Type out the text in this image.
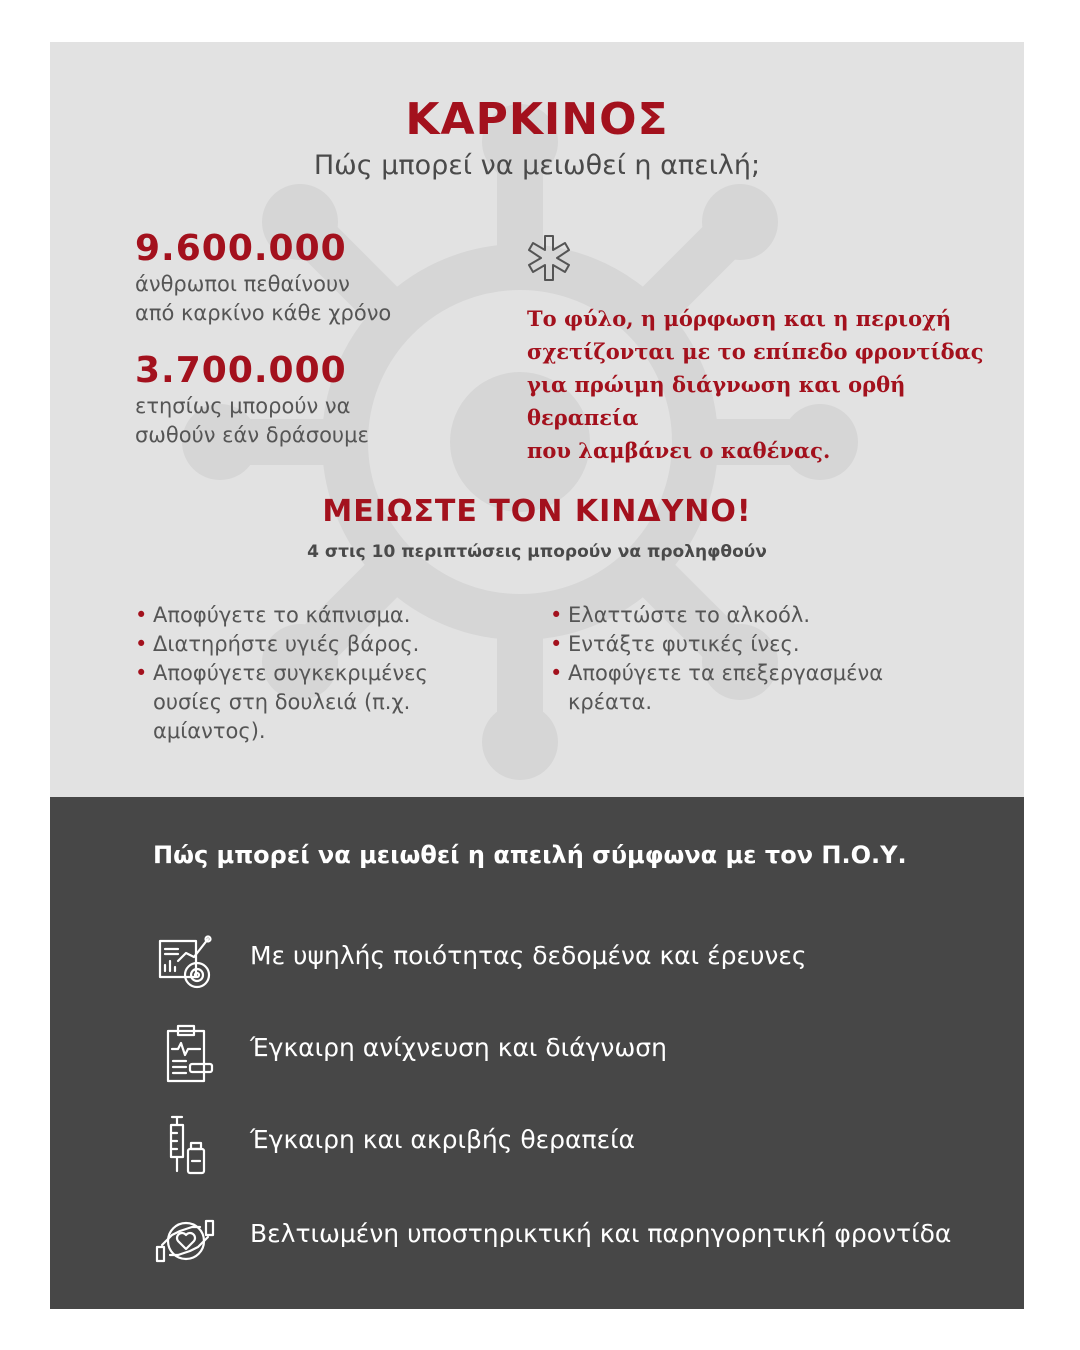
ΚΑΡΚΙΝΟΣ
Πώς μπορεί να μειωθεί η απειλή;
9.600.000
άνθρωποι πεθαίνουν
από καρκίνο κάθε χρόνο
3.700.000
ετησίως μπορούν να
σωθούν εάν δράσουμε
Το φύλο, η μόρφωση και η περιοχή
σχετίζονται με το επίπεδο φροντίδας
για πρώιμη διάγνωση και ορθή θεραπεία
που λαμβάνει ο καθένας.
ΜΕΙΩΣΤΕ ΤΟΝ ΚΙΝΔΥΝΟ!
4 στις 10 περιπτώσεις μπορούν να προληφθούν
• Αποφύγετε το κάπνισμα.
• Διατηρήστε υγιές βάρος.
• Αποφύγετε συγκεκριμένες ουσίες στη δουλειά (π.χ. αμίαντος).
• Ελαττώστε το αλκοόλ.
• Εντάξτε φυτικές ίνες.
• Αποφύγετε τα επεξεργασμένα κρέατα.
Πώς μπορεί να μειωθεί η απειλή σύμφωνα με τον Π.Ο.Υ.
Με υψηλής ποιότητας δεδομένα και έρευνες
Έγκαιρη ανίχνευση και διάγνωση
Έγκαιρη και ακριβής θεραπεία
Βελτιωμένη υποστηρικτική και παρηγορητική φροντίδα
